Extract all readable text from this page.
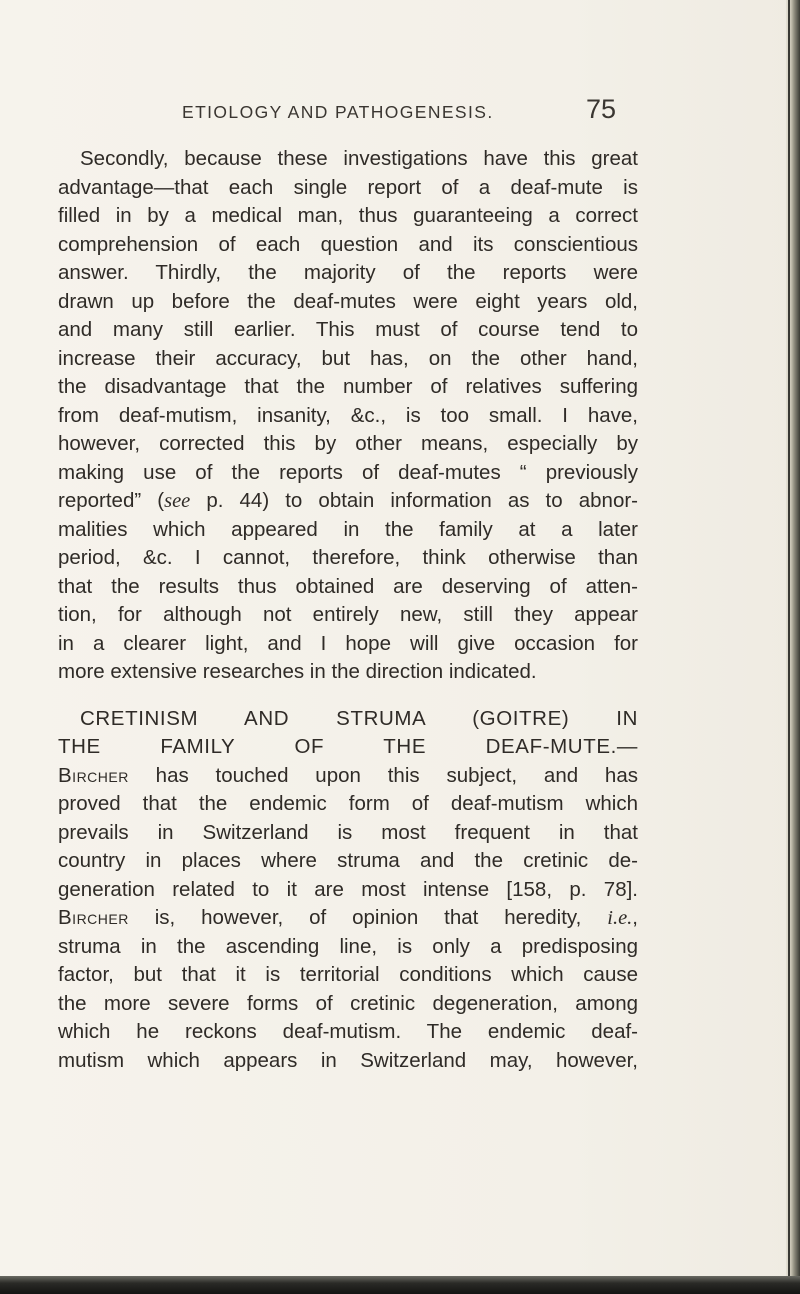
ETIOLOGY AND PATHOGENESIS.	75
Secondly, because these investigations have this great
advantage—that each single report of a deaf-mute is
filled in by a medical man, thus guaranteeing a correct
comprehension of each question and its conscientious
answer. Thirdly, the majority of the reports were
drawn up before the deaf-mutes were eight years old,
and many still earlier. This must of course tend to
increase their accuracy, but has, on the other hand,
the disadvantage that the number of relatives suffering
from deaf-mutism, insanity, &c., is too small. I have,
however, corrected this by other means, especially by
making use of the reports of deaf-mutes “ previously
reported” (see p. 44) to obtain information as to abnor-
malities which appeared in the family at a later
period, &c. I cannot, therefore, think otherwise than
that the results thus obtained are deserving of atten-
tion, for although not entirely new, still they appear
in a clearer light, and I hope will give occasion for
more extensive researches in the direction indicated.
CRETINISM AND STRUMA (GOITRE) IN
THE FAMILY OF THE DEAF-MUTE.—
Bircher has touched upon this subject, and has
proved that the endemic form of deaf-mutism which
prevails in Switzerland is most frequent in that
country in places where struma and the cretinic de-
generation related to it are most intense [158, p. 78].
Bircher is, however, of opinion that heredity, i.e.,
struma in the ascending line, is only a predisposing
factor, but that it is territorial conditions which cause
the more severe forms of cretinic degeneration, among
which he reckons deaf-mutism. The endemic deaf-
mutism which appears in Switzerland may, however,
